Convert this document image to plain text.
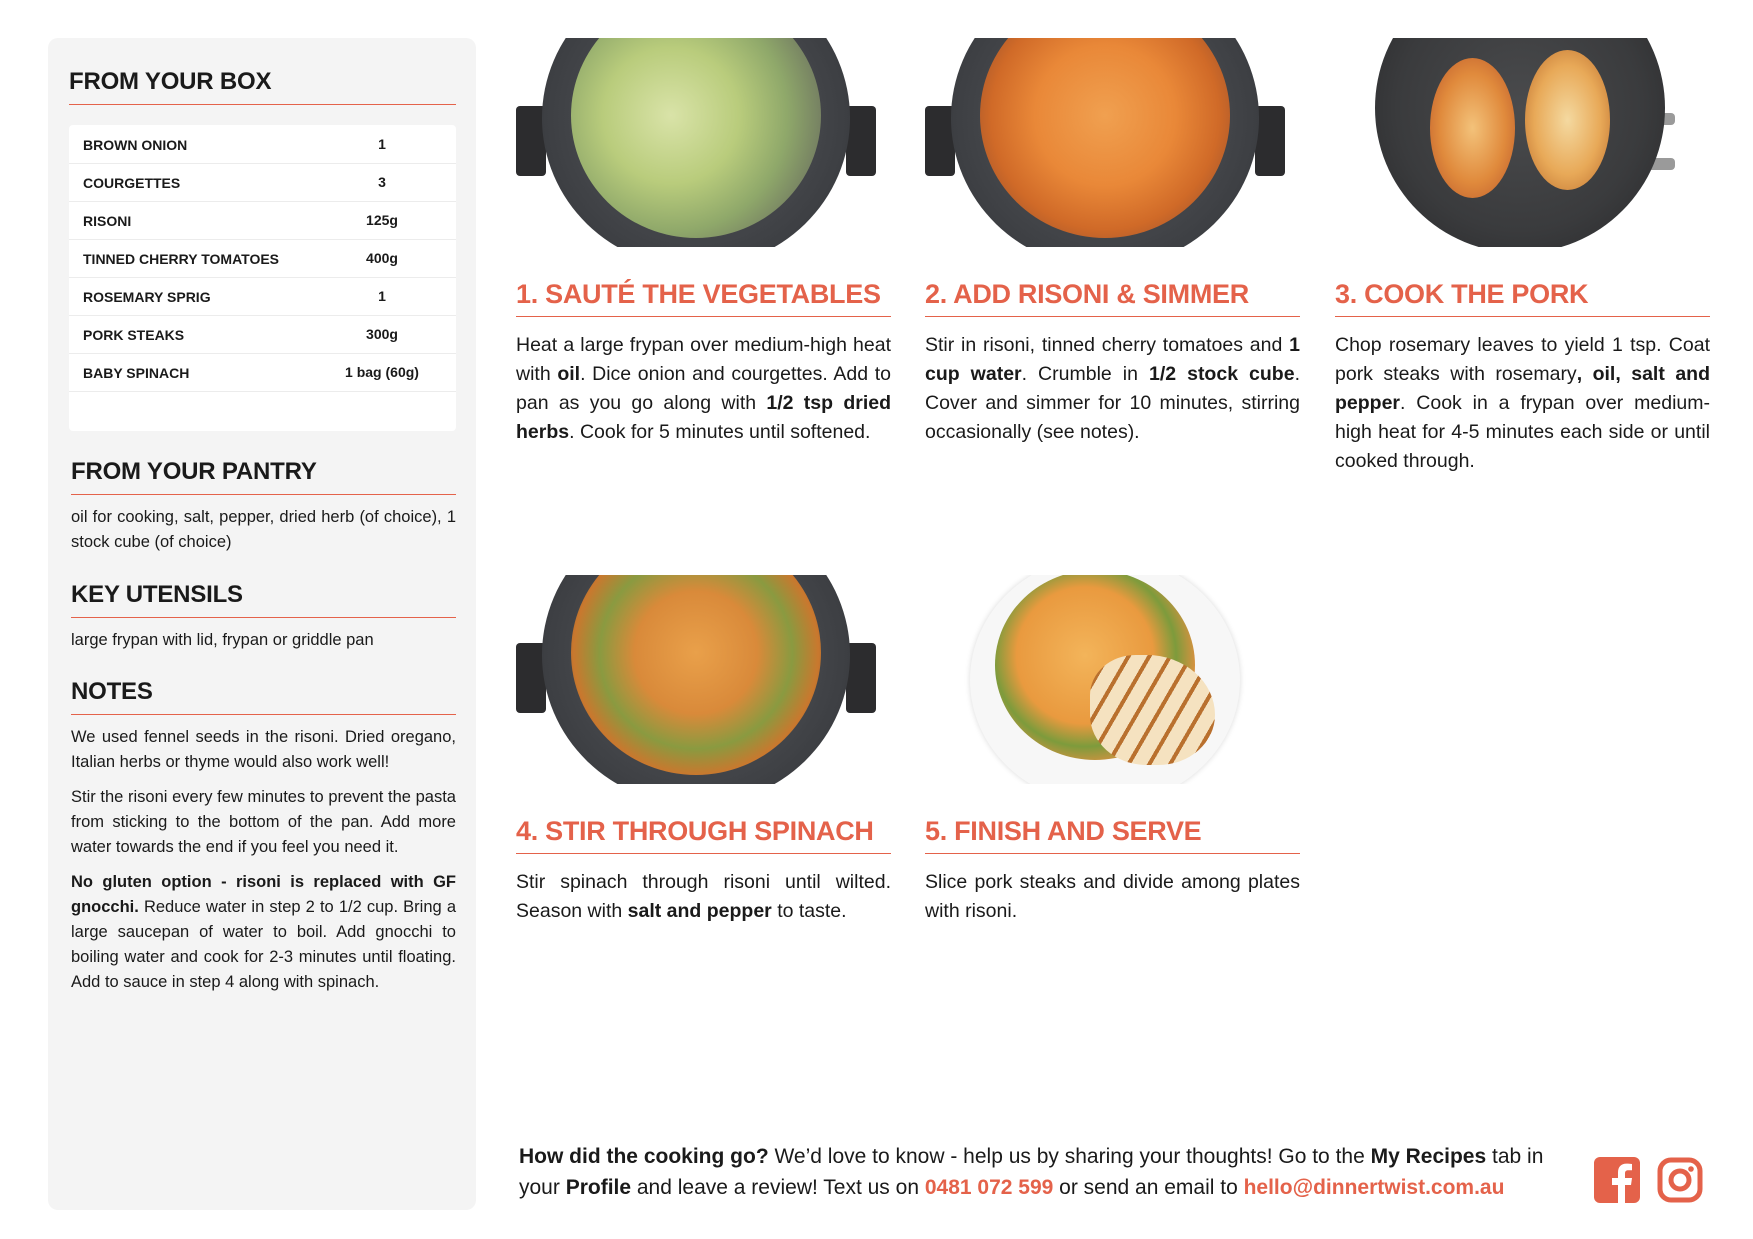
FROM YOUR BOX
BROWN ONION	1
COURGETTES	3
RISONI	125g
TINNED CHERRY TOMATOES	400g
ROSEMARY SPRIG	1
PORK STEAKS	300g
BABY SPINACH	1 bag (60g)
FROM YOUR PANTRY

oil for cooking, salt, pepper, dried herb (of choice), 1 stock cube (of choice)

KEY UTENSILS

large frypan with lid, frypan or griddle pan

NOTES

We used fennel seeds in the risoni. Dried oregano, Italian herbs or thyme would also work well!

Stir the risoni every few minutes to prevent the pasta from sticking to the bottom of the pan. Add more water towards the end if you feel you need it.

No gluten option - risoni is replaced with GF gnocchi. Reduce water in step 2 to 1/2 cup. Bring a large saucepan of water to boil. Add gnocchi to boiling water and cook for 2-3 minutes until floating. Add to sauce in step 4 along with spinach.

1. SAUTÉ THE VEGETABLES

Heat a large frypan over medium-high heat with oil. Dice onion and courgettes. Add to pan as you go along with 1/2 tsp dried herbs. Cook for 5 minutes until softened.

2. ADD RISONI & SIMMER

Stir in risoni, tinned cherry tomatoes and 1 cup water. Crumble in 1/2 stock cube. Cover and simmer for 10 minutes, stirring occasionally (see notes).

3. COOK THE PORK

Chop rosemary leaves to yield 1 tsp. Coat pork steaks with rosemary, oil, salt and pepper. Cook in a frypan over medium-high heat for 4-5 minutes each side or until cooked through.

4. STIR THROUGH SPINACH

Stir spinach through risoni until wilted. Season with salt and pepper to taste.

5. FINISH AND SERVE

Slice pork steaks and divide among plates with risoni.

How did the cooking go? We’d love to know - help us by sharing your thoughts! Go to the My Recipes tab in your Profile and leave a review! Text us on 0481 072 599 or send an email to hello@dinnertwist.com.au
